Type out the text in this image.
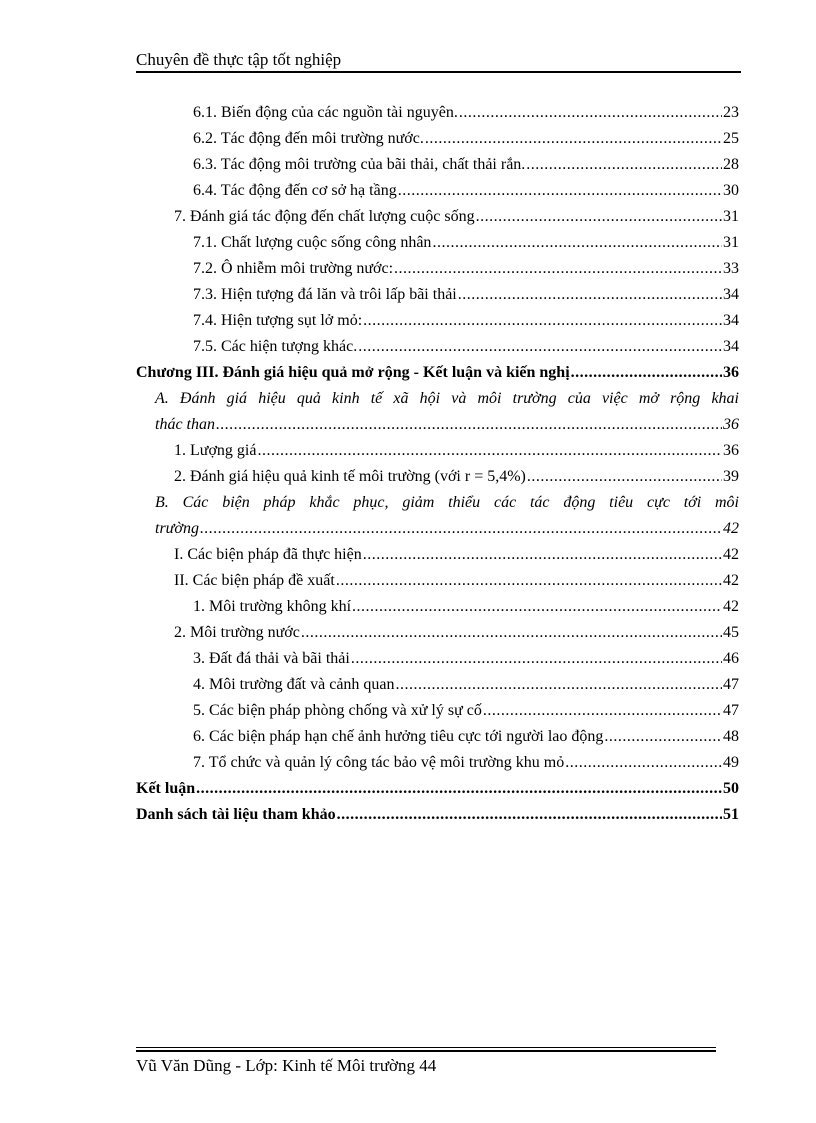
Chuyên đề thực tập tốt nghiệp
6.1. Biến động của các nguồn tài nguyên. .....	23
6.2. Tác động đến môi trường nước. .....	25
6.3. Tác động môi trường của bãi thải, chất thải rắn. .....	28
6.4. Tác động đến cơ sở hạ tầng .....	30
7. Đánh giá tác động đến chất lượng cuộc sống .....	31
7.1. Chất lượng cuộc sống công nhân .....	31
7.2. Ô nhiễm môi trường nước: .....	33
7.3. Hiện tượng đá lăn và trôi lấp bãi thải .....	34
7.4. Hiện tượng sụt lở mỏ: .....	34
7.5. Các hiện tượng khác. .....	34
Chương III. Đánh giá hiệu quả mở rộng - Kết luận và kiến nghị .....	36
A. Đánh giá hiệu quả kinh tế xã hội và môi trường của việc mở rộng khai
thác than .....	36
1. Lượng giá .....	36
2. Đánh giá hiệu quả kinh tế môi trường (với r = 5,4%) .....	39
B. Các biện pháp khắc phục, giảm thiểu các tác động tiêu cực tới môi
trường .....	42
I. Các biện pháp đã thực hiện .....	42
II. Các biện pháp đề xuất .....	42
1. Môi trường không khí .....	42
2. Môi trường nước .....	45
3. Đất đá thải và bãi thải .....	46
4. Môi trường đất và cảnh quan .....	47
5. Các biện pháp phòng chống và xử lý sự cố .....	47
6. Các biện pháp hạn chế ảnh hưởng tiêu cực tới người lao động .....	48
7. Tổ chức và quản lý công tác bảo vệ môi trường khu mỏ .....	49
Kết luận .....	50
Danh sách tài liệu tham khảo .....	51
Vũ Văn Dũng - Lớp: Kinh tế Môi trường 44
